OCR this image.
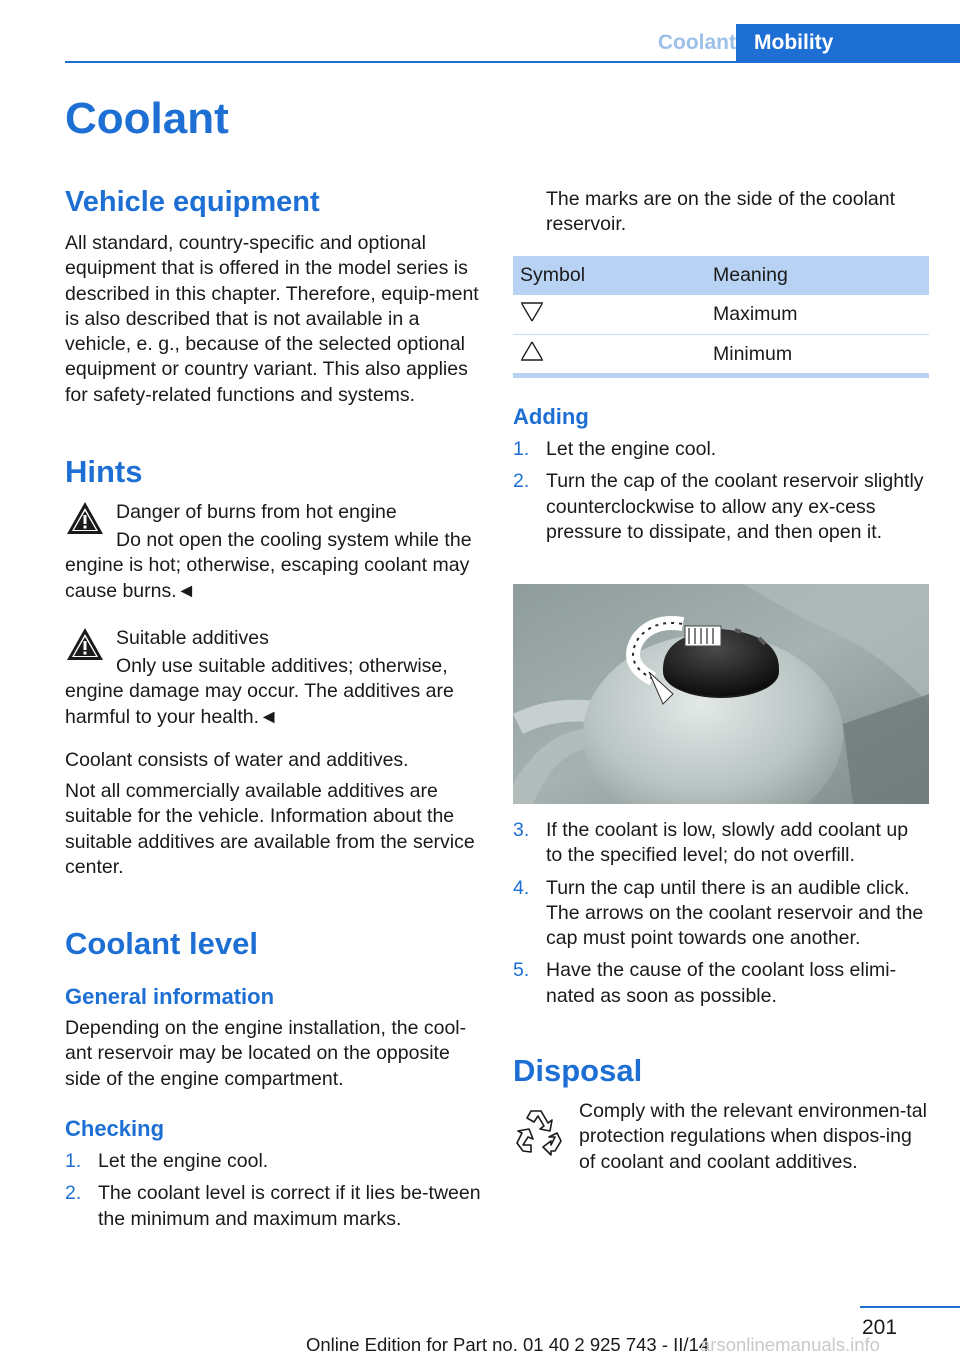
Coolant Mobility
Coolant
Vehicle equipment

All standard, country-specific and optional equipment that is offered in the model series is described in this chapter. Therefore, equip-ment is also described that is not available in a vehicle, e. g., because of the selected optional equipment or country variant. This also applies for safety-related functions and systems.

Hints
Danger of burns from hot engine
Do not open the cooling system while the engine is hot; otherwise, escaping coolant may cause burns.◄
Suitable additives
Only use suitable additives; otherwise, engine damage may occur. The additives are harmful to your health.◄

Coolant consists of water and additives.

Not all commercially available additives are suitable for the vehicle. Information about the suitable additives are available from the service center.

Coolant level
General information

Depending on the engine installation, the cool-ant reservoir may be located on the opposite side of the engine compartment.

Checking
1. Let the engine cool.
2. The coolant level is correct if it lies be-tween the minimum and maximum marks.

The marks are on the side of the coolant reservoir.

Symbol	Meaning
	Maximum
	Minimum
Adding
1. Let the engine cool.
2. Turn the cap of the coolant reservoir slightly counterclockwise to allow any ex-cess pressure to dissipate, and then open it.
3. If the coolant is low, slowly add coolant up to the specified level; do not overfill.
4. Turn the cap until there is an audible click. The arrows on the coolant reservoir and the cap must point towards one another.
5. Have the cause of the coolant loss elimi-nated as soon as possible.
Disposal

Comply with the relevant environmen-tal protection regulations when dispos-ing of coolant and coolant additives.

201
Online Edition for Part no. 01 40 2 925 743 - II/14
arsonlinemanuals.info
